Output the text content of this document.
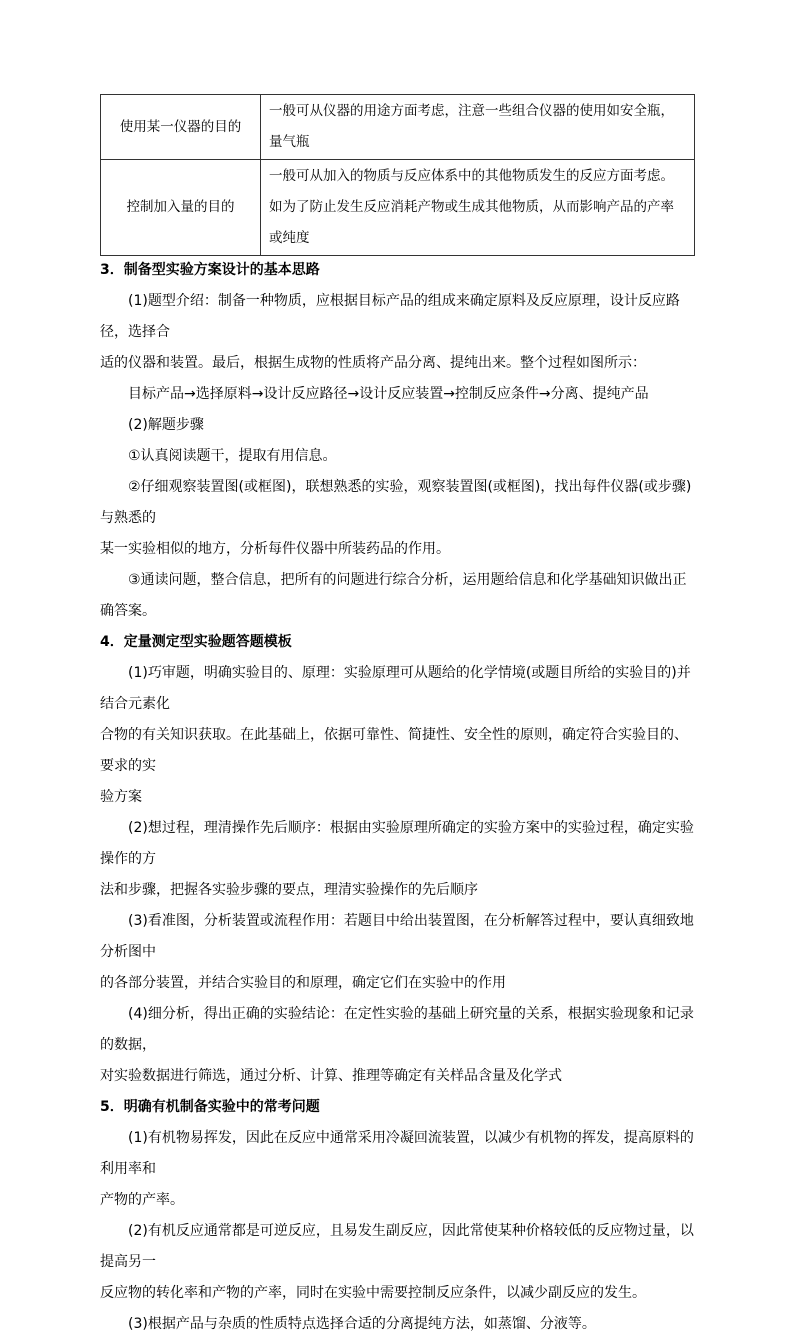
使用某一仪器的目的	一般可从仪器的用途方面考虑，注意一些组合仪器的使用如安全瓶，
量气瓶

控制加入量的目的	一般可从加入的物质与反应体系中的其他物质发生的反应方面考虑。
如为了防止发生反应消耗产物或生成其他物质，从而影响产品的产率
或纯度

3．制备型实验方案设计的基本思路

(1)题型介绍：制备一种物质，应根据目标产品的组成来确定原料及反应原理，设计反应路径，选择合

适的仪器和装置。最后，根据生成物的性质将产品分离、提纯出来。整个过程如图所示：

目标产品→选择原料→设计反应路径→设计反应装置→控制反应条件→分离、提纯产品

(2)解题步骤

①认真阅读题干，提取有用信息。

②仔细观察装置图(或框图)，联想熟悉的实验，观察装置图(或框图)，找出每件仪器(或步骤)与熟悉的

某一实验相似的地方，分析每件仪器中所装药品的作用。

③通读问题，整合信息，把所有的问题进行综合分析，运用题给信息和化学基础知识做出正确答案。

4．定量测定型实验题答题模板

(1)巧审题，明确实验目的、原理：实验原理可从题给的化学情境(或题目所给的实验目的)并结合元素化

合物的有关知识获取。在此基础上，依据可靠性、简捷性、安全性的原则，确定符合实验目的、要求的实

验方案

(2)想过程，理清操作先后顺序：根据由实验原理所确定的实验方案中的实验过程，确定实验操作的方

法和步骤，把握各实验步骤的要点，理清实验操作的先后顺序

(3)看准图，分析装置或流程作用：若题目中给出装置图，在分析解答过程中，要认真细致地分析图中

的各部分装置，并结合实验目的和原理，确定它们在实验中的作用

(4)细分析，得出正确的实验结论：在定性实验的基础上研究量的关系，根据实验现象和记录的数据，

对实验数据进行筛选，通过分析、计算、推理等确定有关样品含量及化学式

5．明确有机制备实验中的常考问题

(1)有机物易挥发，因此在反应中通常采用冷凝回流装置，以减少有机物的挥发，提高原料的利用率和

产物的产率。

(2)有机反应通常都是可逆反应，且易发生副反应，因此常使某种价格较低的反应物过量，以提高另一

反应物的转化率和产物的产率，同时在实验中需要控制反应条件，以减少副反应的发生。

(3)根据产品与杂质的性质特点选择合适的分离提纯方法，如蒸馏、分液等。
